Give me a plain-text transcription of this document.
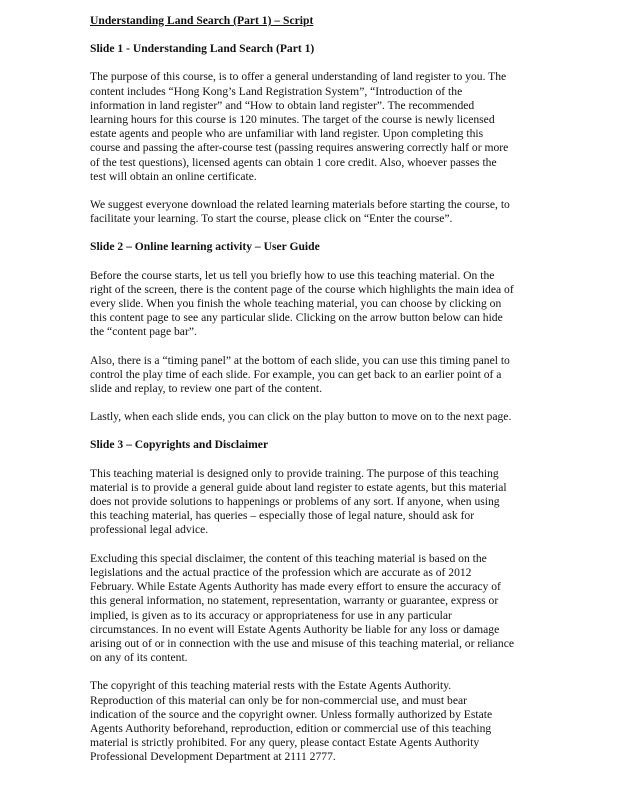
Understanding Land Search (Part 1) – Script
Slide 1 - Understanding Land Search (Part 1)

The purpose of this course, is to offer a general understanding of land register to you. The content includes “Hong Kong’s Land Registration System”, “Introduction of the information in land register” and “How to obtain land register”. The recommended learning hours for this course is 120 minutes. The target of the course is newly licensed estate agents and people who are unfamiliar with land register. Upon completing this course and passing the after-course test (passing requires answering correctly half or more of the test questions), licensed agents can obtain 1 core credit. Also, whoever passes the test will obtain an online certificate.

We suggest everyone download the related learning materials before starting the course, to facilitate your learning. To start the course, please click on “Enter the course”.

Slide 2 – Online learning activity – User Guide

Before the course starts, let us tell you briefly how to use this teaching material. On the right of the screen, there is the content page of the course which highlights the main idea of every slide. When you finish the whole teaching material, you can choose by clicking on this content page to see any particular slide. Clicking on the arrow button below can hide the “content page bar”.

Also, there is a “timing panel” at the bottom of each slide, you can use this timing panel to control the play time of each slide. For example, you can get back to an earlier point of a slide and replay, to review one part of the content.

Lastly, when each slide ends, you can click on the play button to move on to the next page.

Slide 3 – Copyrights and Disclaimer

This teaching material is designed only to provide training. The purpose of this teaching material is to provide a general guide about land register to estate agents, but this material does not provide solutions to happenings or problems of any sort. If anyone, when using this teaching material, has queries – especially those of legal nature, should ask for professional legal advice.

Excluding this special disclaimer, the content of this teaching material is based on the legislations and the actual practice of the profession which are accurate as of 2012 February. While Estate Agents Authority has made every effort to ensure the accuracy of this general information, no statement, representation, warranty or guarantee, express or implied, is given as to its accuracy or appropriateness for use in any particular circumstances. In no event will Estate Agents Authority be liable for any loss or damage arising out of or in connection with the use and misuse of this teaching material, or reliance on any of its content.

The copyright of this teaching material rests with the Estate Agents Authority. Reproduction of this material can only be for non-commercial use, and must bear indication of the source and the copyright owner. Unless formally authorized by Estate Agents Authority beforehand, reproduction, edition or commercial use of this teaching material is strictly prohibited. For any query, please contact Estate Agents Authority Professional Development Department at 2111 2777.
